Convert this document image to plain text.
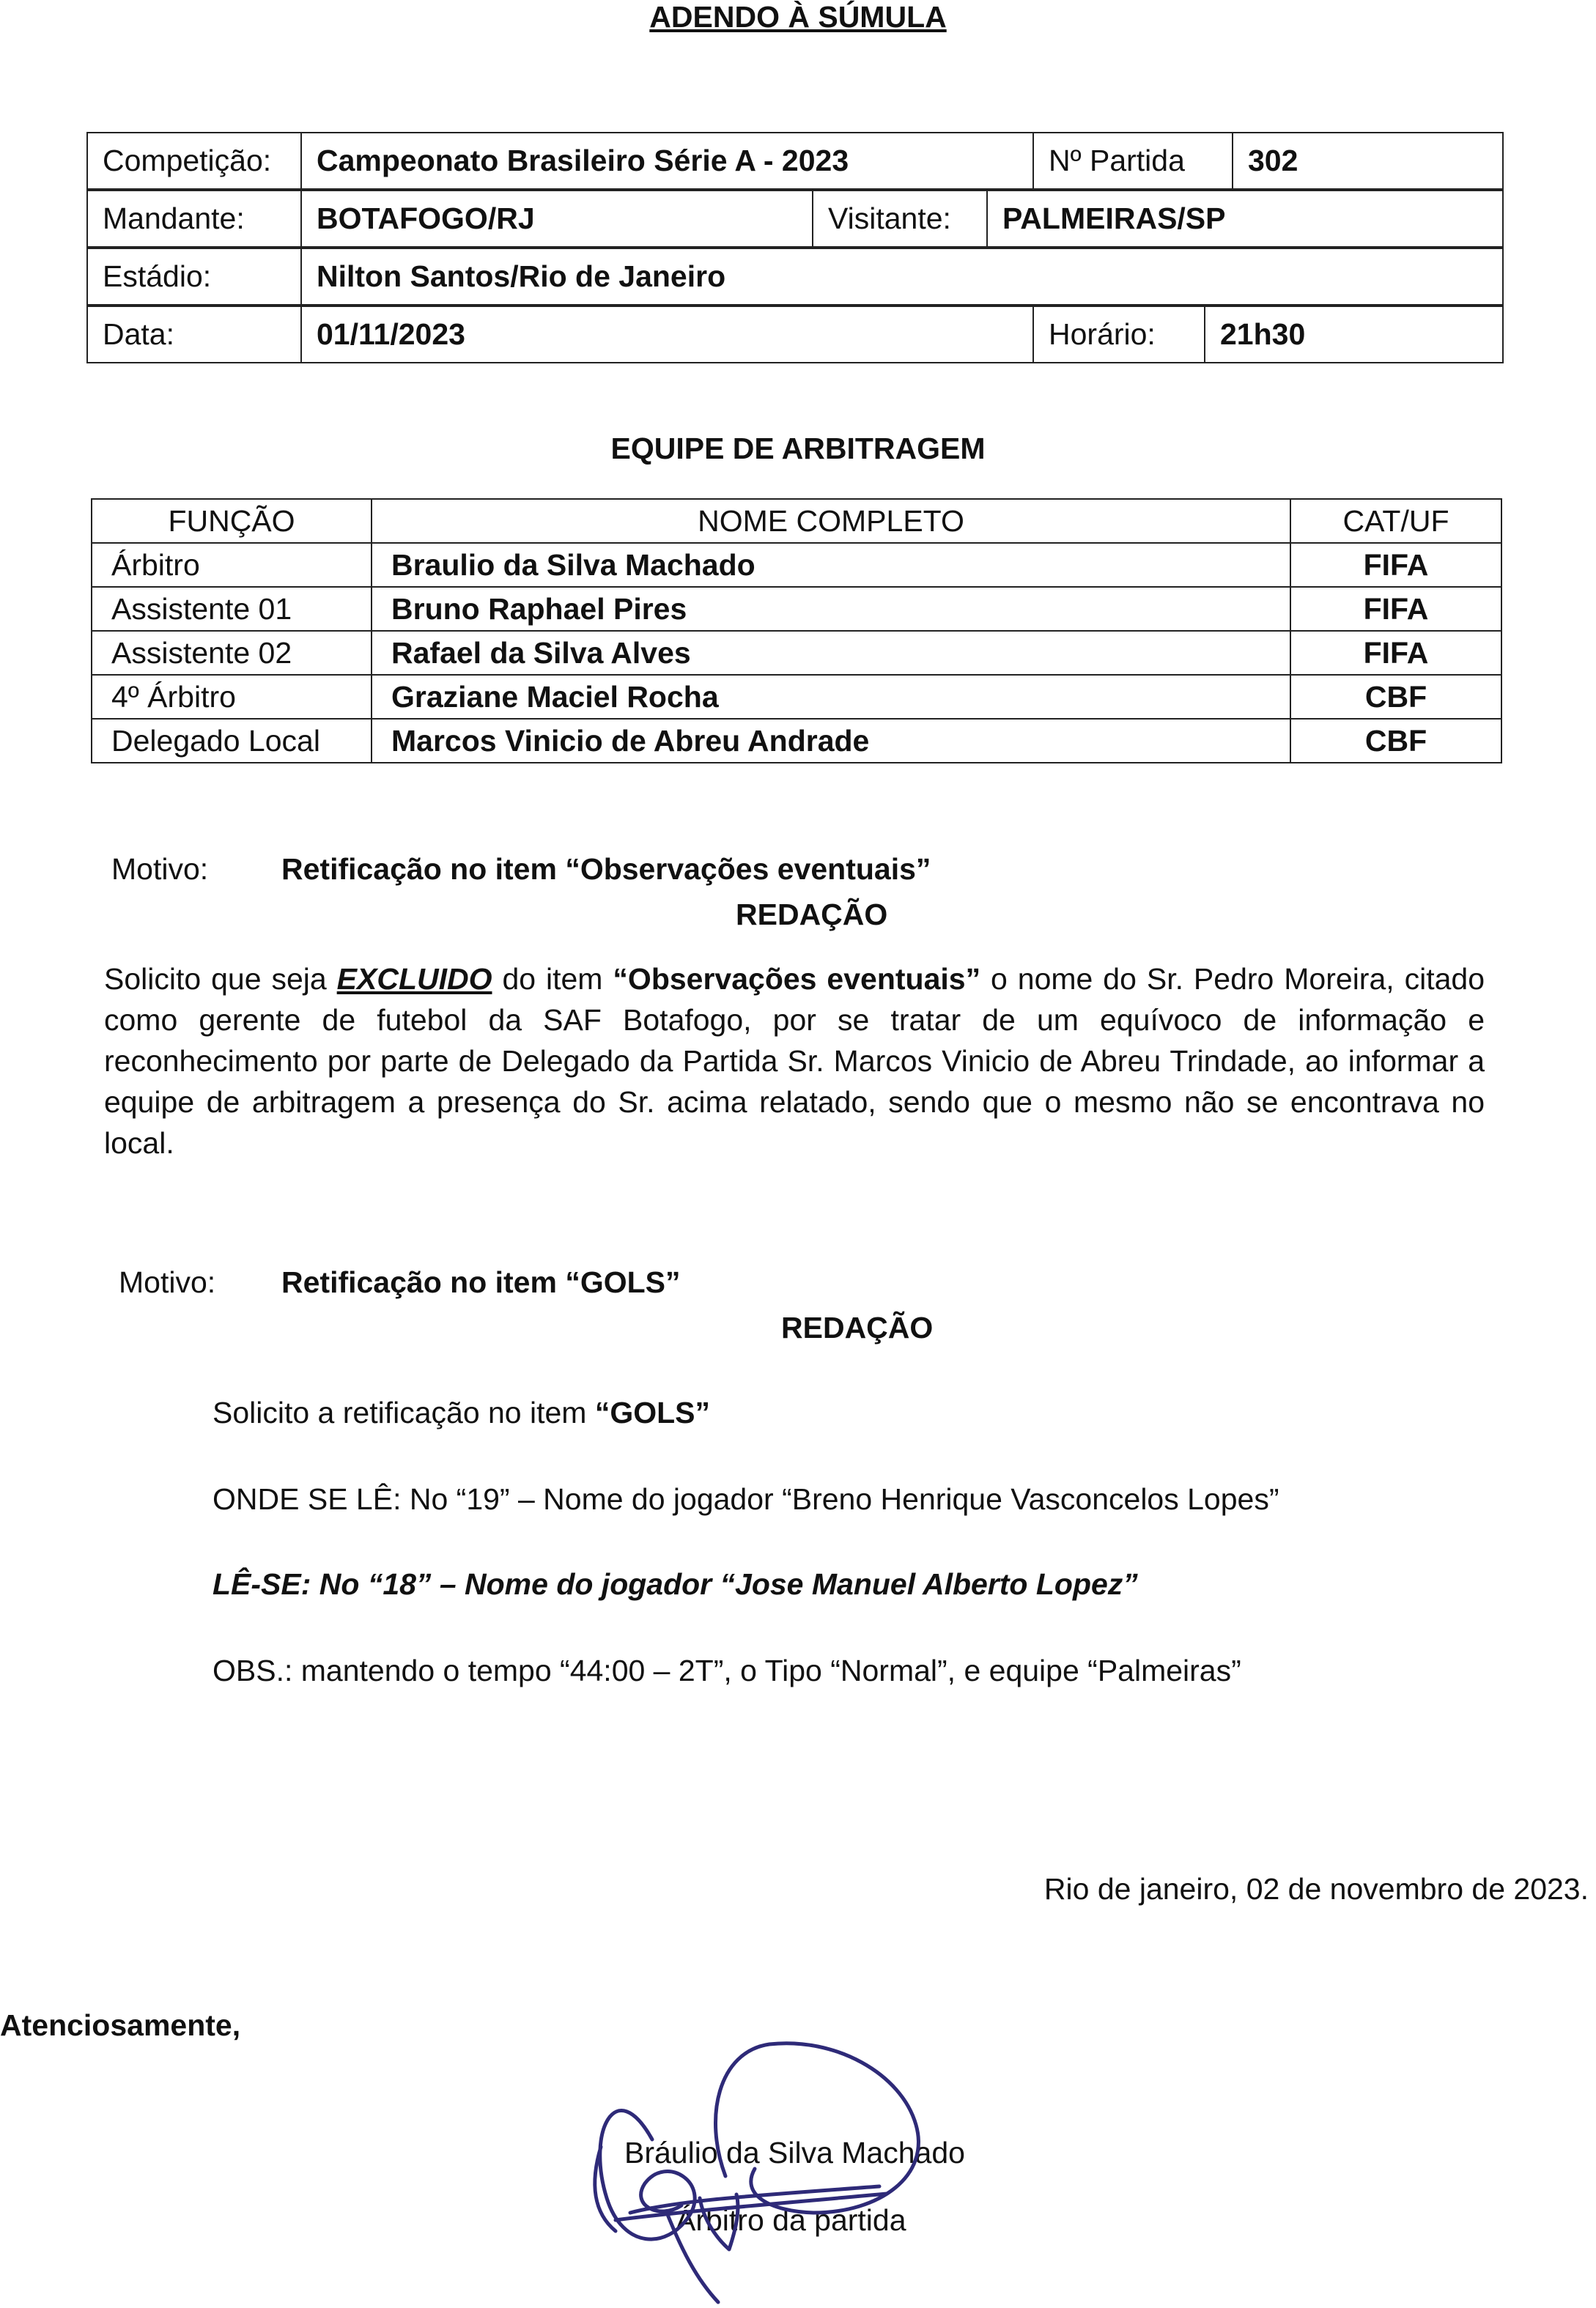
ADENDO À SÚMULA
Competição:	Campeonato Brasileiro Série A - 2023	Nº Partida	302
Mandante:	BOTAFOGO/RJ	Visitante:	PALMEIRAS/SP
Estádio:	Nilton Santos/Rio de Janeiro
Data:	01/11/2023	Horário:	21h30
EQUIPE DE ARBITRAGEM
FUNÇÃO	NOME COMPLETO	CAT/UF
Árbitro	Braulio da Silva Machado	FIFA
Assistente 01	Bruno Raphael Pires	FIFA
Assistente 02	Rafael da Silva Alves	FIFA
4º Árbitro	Graziane Maciel Rocha	CBF
Delegado Local	Marcos Vinicio de Abreu Andrade	CBF
Motivo: Retificação no item “Observações eventuais”
REDAÇÃO
Solicito que seja EXCLUIDO do item “Observações eventuais” o nome do Sr. Pedro Moreira, citado como gerente de futebol da SAF Botafogo, por se tratar de um equívoco de informação e reconhecimento por parte de Delegado da Partida Sr. Marcos Vinicio de Abreu Trindade, ao informar a equipe de arbitragem a presença do Sr. acima relatado, sendo que o mesmo não se encontrava no local.
Motivo: Retificação no item “GOLS”
REDAÇÃO
Solicito a retificação no item “GOLS”
ONDE SE LÊ: No “19” – Nome do jogador “Breno Henrique Vasconcelos Lopes”
LÊ-SE: No “18” – Nome do jogador “Jose Manuel Alberto Lopez”
OBS.: mantendo o tempo “44:00 – 2T”, o Tipo “Normal”, e equipe “Palmeiras”
Rio de janeiro, 02 de novembro de 2023.
Atenciosamente,
Bráulio da Silva Machado
Árbitro da partida
